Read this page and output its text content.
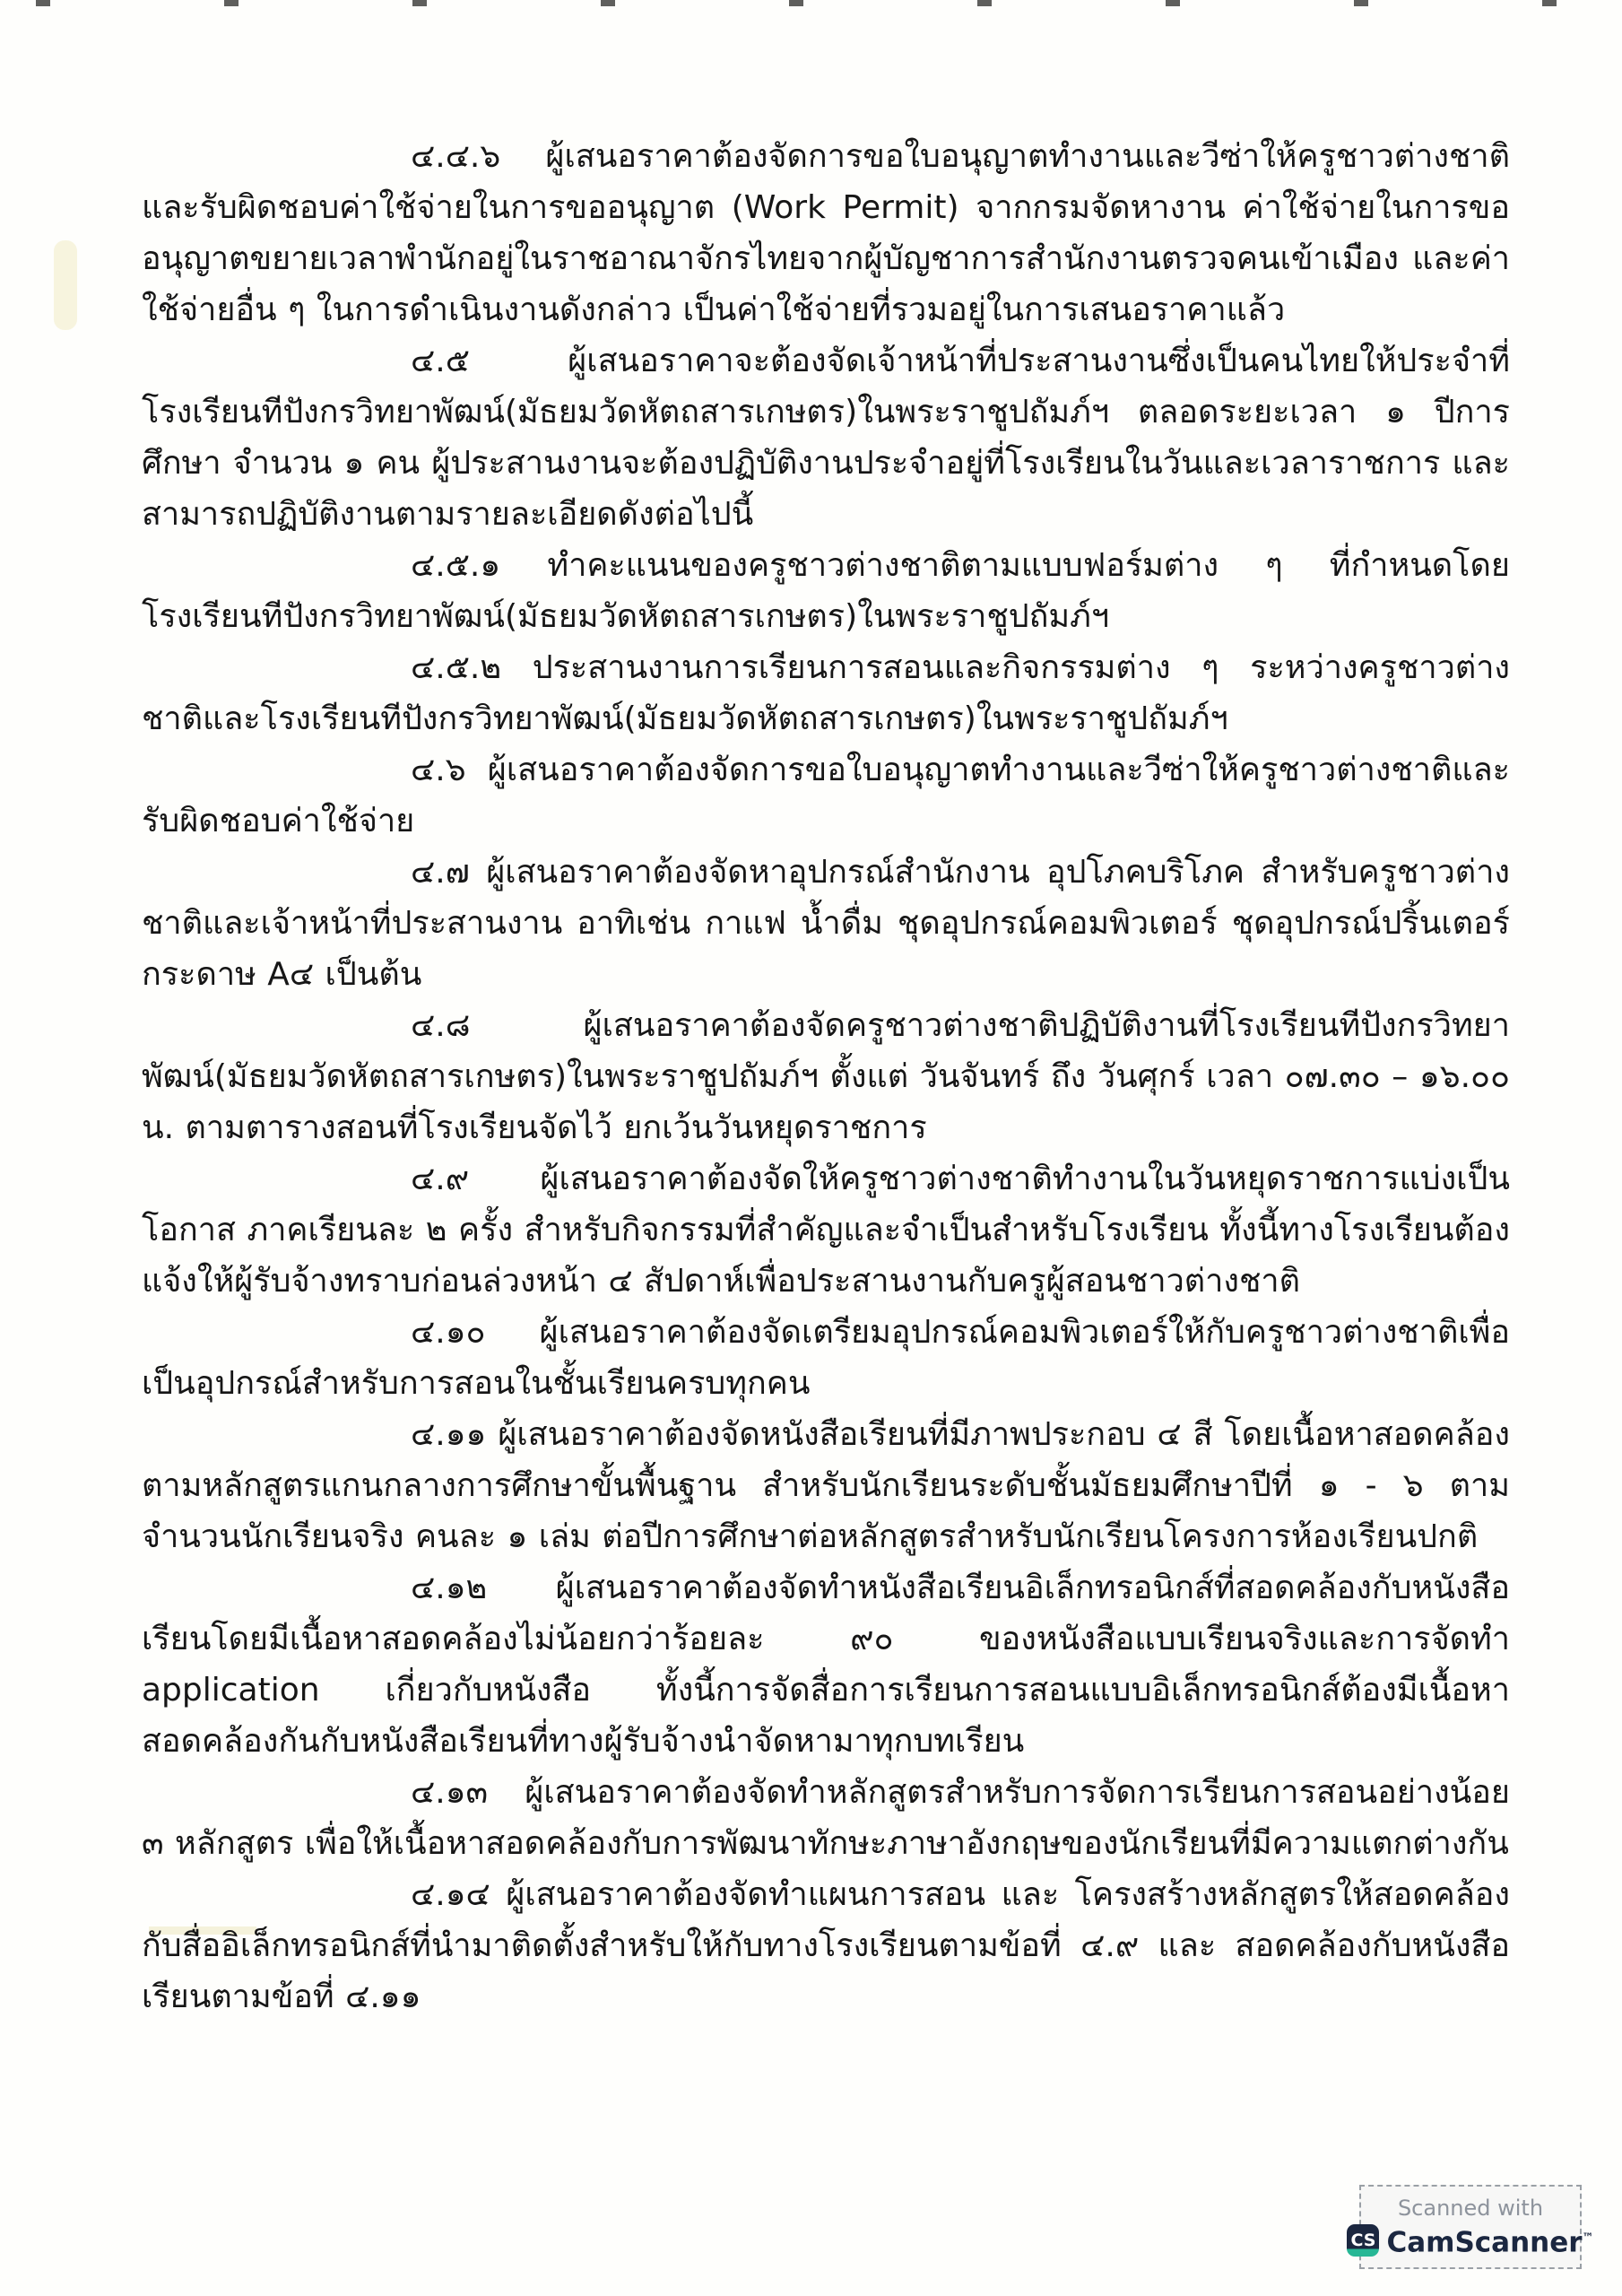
๔.๔.๖ ผู้เสนอราคาต้องจัดการขอใบอนุญาตทำงานและวีซ่าให้ครูชาวต่างชาติและรับผิดชอบค่าใช้จ่ายในการขออนุญาต (Work Permit) จากกรมจัดหางาน ค่าใช้จ่ายในการขออนุญาตขยายเวลาพำนักอยู่ในราชอาณาจักรไทยจากผู้บัญชาการสำนักงานตรวจคนเข้าเมือง และค่าใช้จ่ายอื่น ๆ ในการดำเนินงานดังกล่าว เป็นค่าใช้จ่ายที่รวมอยู่ในการเสนอราคาแล้ว

๔.๕	ผู้เสนอราคาจะต้องจัดเจ้าหน้าที่ประสานงานซึ่งเป็นคนไทยให้ประจำที่โรงเรียนทีปังกรวิทยาพัฒน์(มัธยมวัดหัตถสารเกษตร)ในพระราชูปถัมภ์ฯ ตลอดระยะเวลา ๑ ปีการศึกษา จำนวน ๑ คน ผู้ประสานงานจะต้องปฏิบัติงานประจำอยู่ที่โรงเรียนในวันและเวลาราชการ และสามารถปฏิบัติงานตามรายละเอียดดังต่อไปนี้

๔.๕.๑ ทำคะแนนของครูชาวต่างชาติตามแบบฟอร์มต่าง ๆ ที่กำหนดโดยโรงเรียนทีปังกรวิทยาพัฒน์(มัธยมวัดหัตถสารเกษตร)ในพระราชูปถัมภ์ฯ

๔.๕.๒ ประสานงานการเรียนการสอนและกิจกรรมต่าง ๆ ระหว่างครูชาวต่างชาติและโรงเรียนทีปังกรวิทยาพัฒน์(มัธยมวัดหัตถสารเกษตร)ในพระราชูปถัมภ์ฯ

๔.๖ ผู้เสนอราคาต้องจัดการขอใบอนุญาตทำงานและวีซ่าให้ครูชาวต่างชาติและรับผิดชอบค่าใช้จ่าย

๔.๗ ผู้เสนอราคาต้องจัดหาอุปกรณ์สำนักงาน อุปโภคบริโภค สำหรับครูชาวต่างชาติและเจ้าหน้าที่ประสานงาน อาทิเช่น กาแฟ น้ำดื่ม ชุดอุปกรณ์คอมพิวเตอร์ ชุดอุปกรณ์ปริ้นเตอร์ กระดาษ A๔ เป็นต้น

๔.๘	ผู้เสนอราคาต้องจัดครูชาวต่างชาติปฏิบัติงานที่โรงเรียนทีปังกรวิทยาพัฒน์(มัธยมวัดหัตถสารเกษตร)ในพระราชูปถัมภ์ฯ ตั้งแต่ วันจันทร์ ถึง วันศุกร์ เวลา ๐๗.๓๐ – ๑๖.๐๐ น. ตามตารางสอนที่โรงเรียนจัดไว้ ยกเว้นวันหยุดราชการ

๔.๙ ผู้เสนอราคาต้องจัดให้ครูชาวต่างชาติทำงานในวันหยุดราชการแบ่งเป็นโอกาส ภาคเรียนละ ๒ ครั้ง สำหรับกิจกรรมที่สำคัญและจำเป็นสำหรับโรงเรียน ทั้งนี้ทางโรงเรียนต้องแจ้งให้ผู้รับจ้างทราบก่อนล่วงหน้า ๔ สัปดาห์เพื่อประสานงานกับครูผู้สอนชาวต่างชาติ

๔.๑๐ ผู้เสนอราคาต้องจัดเตรียมอุปกรณ์คอมพิวเตอร์ให้กับครูชาวต่างชาติเพื่อเป็นอุปกรณ์สำหรับการสอนในชั้นเรียนครบทุกคน

๔.๑๑ ผู้เสนอราคาต้องจัดหนังสือเรียนที่มีภาพประกอบ ๔ สี โดยเนื้อหาสอดคล้องตามหลักสูตรแกนกลางการศึกษาขั้นพื้นฐาน สำหรับนักเรียนระดับชั้นมัธยมศึกษาปีที่ ๑ - ๖ ตามจำนวนนักเรียนจริง คนละ ๑ เล่ม ต่อปีการศึกษาต่อหลักสูตรสำหรับนักเรียนโครงการห้องเรียนปกติ

๔.๑๒ ผู้เสนอราคาต้องจัดทำหนังสือเรียนอิเล็กทรอนิกส์ที่สอดคล้องกับหนังสือเรียนโดยมีเนื้อหาสอดคล้องไม่น้อยกว่าร้อยละ ๙๐ ของหนังสือแบบเรียนจริงและการจัดทำ application เกี่ยวกับหนังสือ ทั้งนี้การจัดสื่อการเรียนการสอนแบบอิเล็กทรอนิกส์ต้องมีเนื้อหาสอดคล้องกันกับหนังสือเรียนที่ทางผู้รับจ้างนำจัดหามาทุกบทเรียน

๔.๑๓ ผู้เสนอราคาต้องจัดทำหลักสูตรสำหรับการจัดการเรียนการสอนอย่างน้อย ๓ หลักสูตร เพื่อให้เนื้อหาสอดคล้องกับการพัฒนาทักษะภาษาอังกฤษของนักเรียนที่มีความแตกต่างกัน

๔.๑๔ ผู้เสนอราคาต้องจัดทำแผนการสอน และ โครงสร้างหลักสูตรให้สอดคล้องกับสื่ออิเล็กทรอนิกส์ที่นำมาติดตั้งสำหรับให้กับทางโรงเรียนตามข้อที่ ๔.๙ และ สอดคล้องกับหนังสือเรียนตามข้อที่ ๔.๑๑

Scanned with
CS CamScanner™
